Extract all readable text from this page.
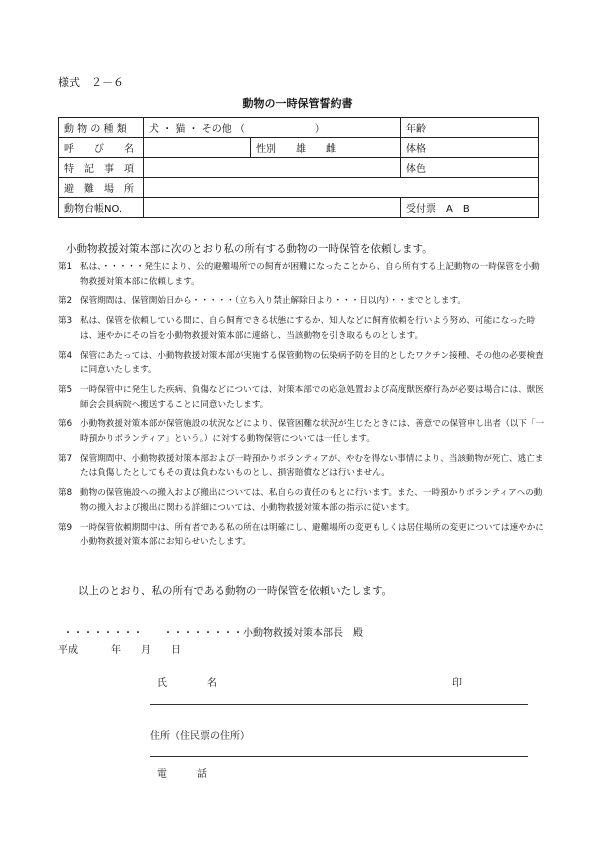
様式　２－６
動物の一時保管誓約書
動 物 の 種 類	犬 ・ 猫 ・ その他 （　　　　　　　）		年齢
呼　　び　　名		性別　　雄　　雌	体格
特　記　事　項			体色
避　難　場　所			
動物台帳NO.			受付票　A　B
小動物救援対策本部に次のとおり私の所有する動物の一時保管を依頼します。
第1 私は、・・・・・発生により、公的避難場所での飼育が困難になったことから、自ら所有する上記動物の一時保管を小動物救援対策本部に依頼します。
第2 保管期間は、保管開始日から・・・・・（立ち入り禁止解除日より・・・日以内）・・までとします。
第3 私は、保管を依頼している間に、自ら飼育できる状態にするか、知人などに飼育依頼を行いよう努め、可能になった時は、速やかにその旨を小動物救援対策本部に連絡し、当該動物を引き取るものとします。
第4 保管にあたっては、小動物救援対策本部が実施する保管動物の伝染病予防を目的としたワクチン接種、その他の必要検査に同意いたします。
第5 一時保管中に発生した疾病、負傷などについては、対策本部での応急処置および高度獣医療行為が必要は場合には、獣医師会会員病院へ搬送することに同意いたします。
第6 小動物救援対策本部が保管施設の状況などにより、保管困難な状況が生じたときには、善意での保管申し出者（以下「一時預かりボランティア」という。）に対する動物保管については一任します。
第7 保管期間中、小動物救援対策本部および一時預かりボランティアが、やむを得ない事情により、当該動物が死亡、逃亡または負傷したとしてもその責は負わないものとし、損害賠償などは行いません。
第8 動物の保管施設への搬入および搬出については、私自らの責任のもとに行います。また、一時預かりボランティアへの動物の搬入および搬出に関わる詳細については、小動物救援対策本部の指示に従います。
第9 一時保管依頼期間中は、所有者である私の所在は明確にし、避難場所の変更もしくは居住場所の変更については速やかに小動物救援対策本部にお知らせいたします。
以上のとおり、私の所有である動物の一時保管を依頼いたします。
・・・・・・・・　　・・・・・・・・小動物救援対策本部長　殿
平成	年 月 日
氏　　　　名	印
住所（住民票の住所）
電　　　話
